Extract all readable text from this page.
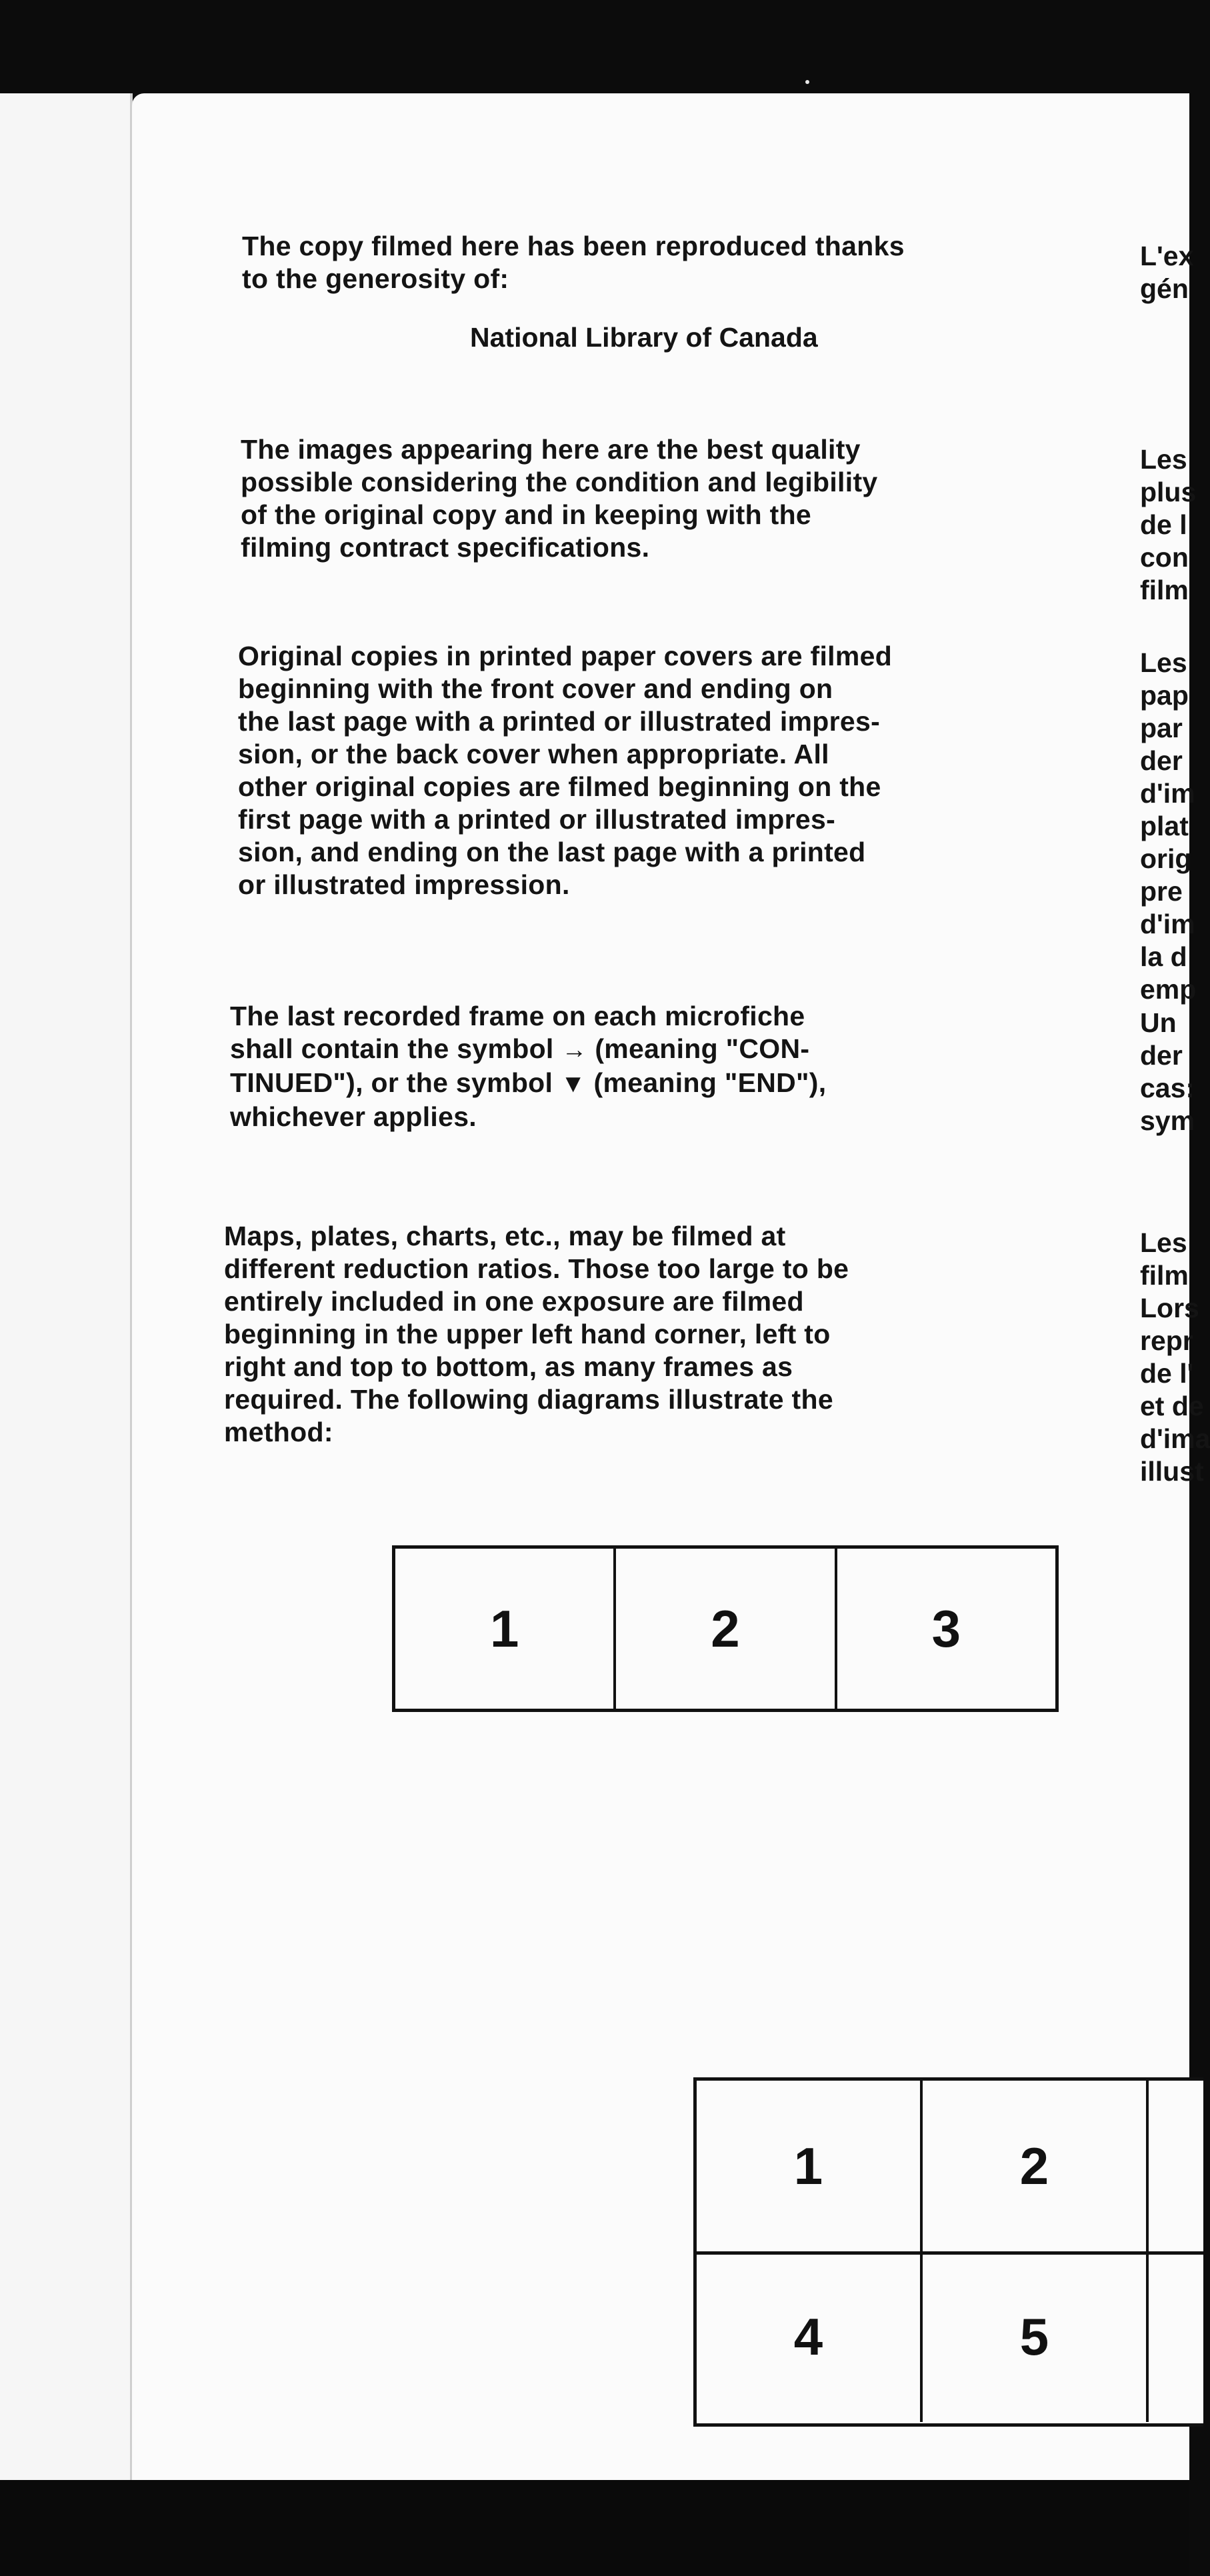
The copy filmed here has been reproduced thanks
to the generosity of:

National Library of Canada

The images appearing here are the best quality
possible considering the condition and legibility
of the original copy and in keeping with the
filming contract specifications.

Original copies in printed paper covers are filmed
beginning with the front cover and ending on
the last page with a printed or illustrated impres-
sion, or the back cover when appropriate. All
other original copies are filmed beginning on the
first page with a printed or illustrated impres-
sion, and ending on the last page with a printed
or illustrated impression.

The last recorded frame on each microfiche
shall contain the symbol → (meaning "CON-
TINUED"), or the symbol ▼ (meaning "END"),
whichever applies.

Maps, plates, charts, etc., may be filmed at
different reduction ratios. Those too large to be
entirely included in one exposure are filmed
beginning in the upper left hand corner, left to
right and top to bottom, as many frames as
required. The following diagrams illustrate the
method:

L'ex
gén

Les
plus
de l
con
film

Les
pap
par
der
d'im
plat
orig
pre
d'im
la d
emp

Un
der
cas:
sym

Les
film
Lors
repr
de l'
et de
d'ima
illust

1	2	3
1	2
4	5
